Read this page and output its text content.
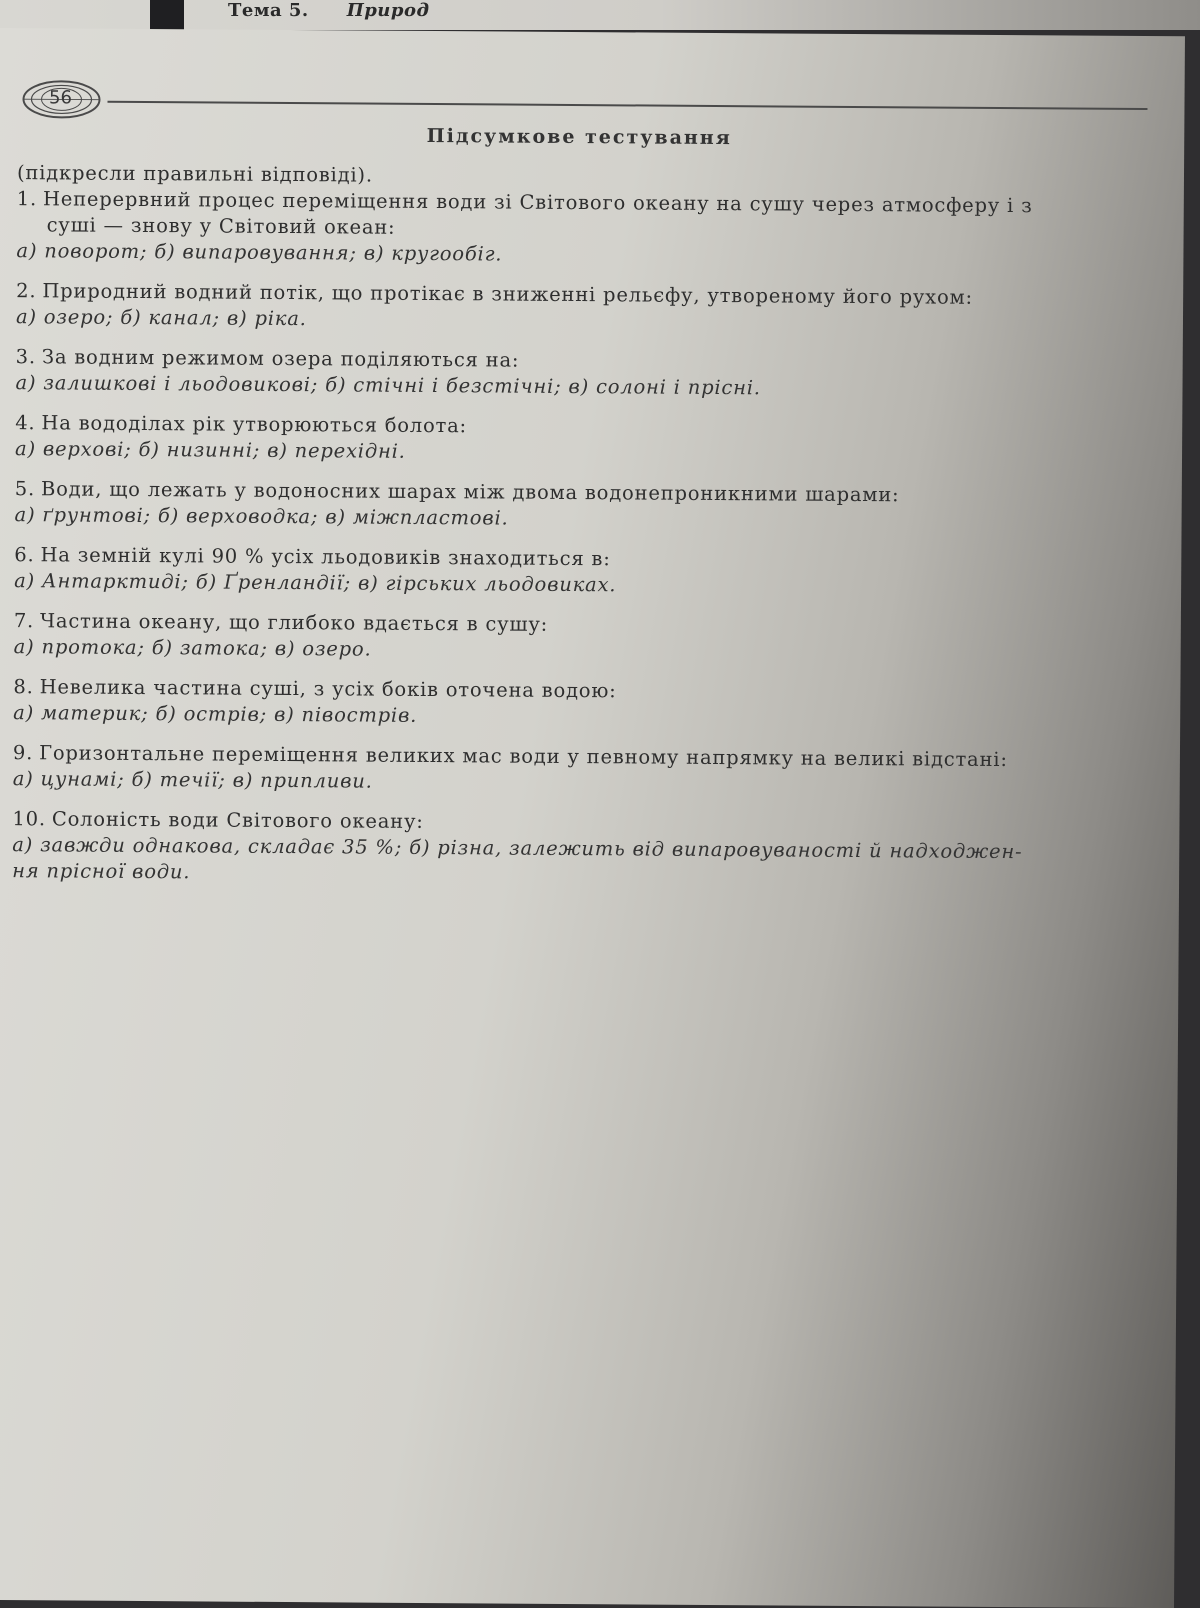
Тема 5. Природ
56
Підсумкове тестування
(підкресли правильні відповіді).
1. Неперервний процес переміщення води зі Світового океану на сушу через атмосферу і з
суші — знову у Світовий океан:
а) поворот; б) випаровування; в) кругообіг.
2. Природний водний потік, що протікає в зниженні рельєфу, утвореному його рухом:
а) озеро; б) канал; в) ріка.
3. За водним режимом озера поділяються на:
а) залишкові і льодовикові; б) стічні і безстічні; в) солоні і прісні.
4. На вододілах рік утворюються болота:
а) верхові; б) низинні; в) перехідні.
5. Води, що лежать у водоносних шарах між двома водонепроникними шарами:
а) ґрунтові; б) верховодка; в) міжпластові.
6. На земній кулі 90 % усіх льодовиків знаходиться в:
а) Антарктиді; б) Ґренландії; в) гірських льодовиках.
7. Частина океану, що глибоко вдається в сушу:
а) протока; б) затока; в) озеро.
8. Невелика частина суші, з усіх боків оточена водою:
а) материк; б) острів; в) півострів.
9. Горизонтальне переміщення великих мас води у певному напрямку на великі відстані:
а) цунамі; б) течії; в) припливи.
10. Солоність води Світового океану:
а) завжди однакова, складає 35 %; б) різна, залежить від випаровуваності й надходжен-
ня прісної води.
